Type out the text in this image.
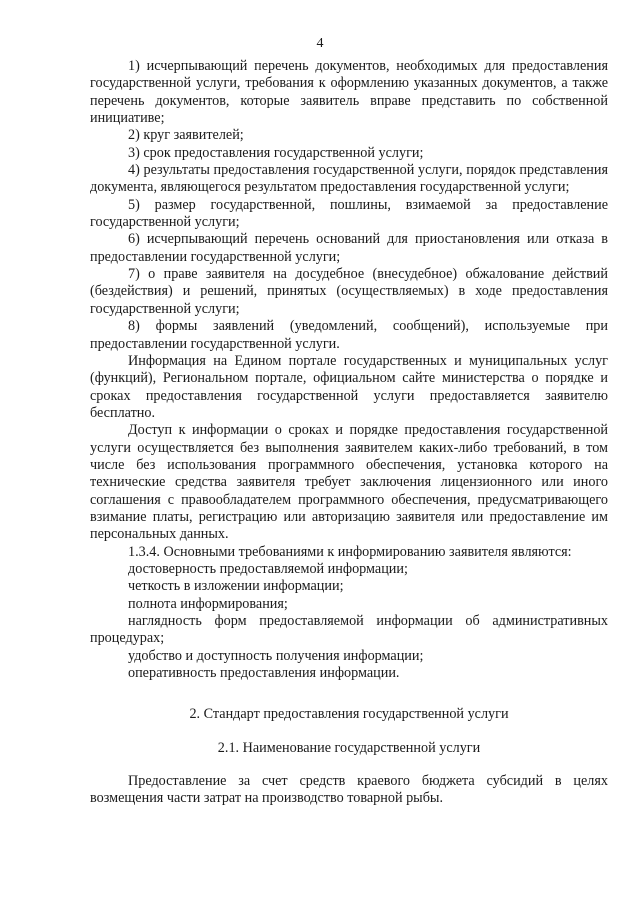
4

1) исчерпывающий перечень документов, необходимых для предоставления государственной услуги, требования к оформлению указанных документов, а также перечень документов, которые заявитель вправе представить по собственной инициативе;

2) круг заявителей;

3) срок предоставления государственной услуги;

4) результаты предоставления государственной услуги, порядок представления документа, являющегося результатом предоставления государственной услуги;

5) размер государственной, пошлины, взимаемой за предоставление государственной услуги;

6) исчерпывающий перечень оснований для приостановления или отказа в предоставлении государственной услуги;

7) о праве заявителя на досудебное (внесудебное) обжалование действий (бездействия) и решений, принятых (осуществляемых) в ходе предоставления государственной услуги;

8) формы заявлений (уведомлений, сообщений), используемые при предоставлении государственной услуги.

Информация на Едином портале государственных и муниципальных услуг (функций), Региональном портале, официальном сайте министерства о порядке и сроках предоставления государственной услуги предоставляется заявителю бесплатно.

Доступ к информации о сроках и порядке предоставления государственной услуги осуществляется без выполнения заявителем каких-либо требований, в том числе без использования программного обеспечения, установка которого на технические средства заявителя требует заключения лицензионного или иного соглашения с правообладателем программного обеспечения, предусматривающего взимание платы, регистрацию или авторизацию заявителя или предоставление им персональных данных.

1.3.4. Основными требованиями к информированию заявителя являются:

достоверность предоставляемой информации;

четкость в изложении информации;

полнота информирования;

наглядность форм предоставляемой информации об административных процедурах;

удобство и доступность получения информации;

оперативность предоставления информации.

2. Стандарт предоставления государственной услуги

2.1. Наименование государственной услуги

Предоставление за счет средств краевого бюджета субсидий в целях возмещения части затрат на производство товарной рыбы.
